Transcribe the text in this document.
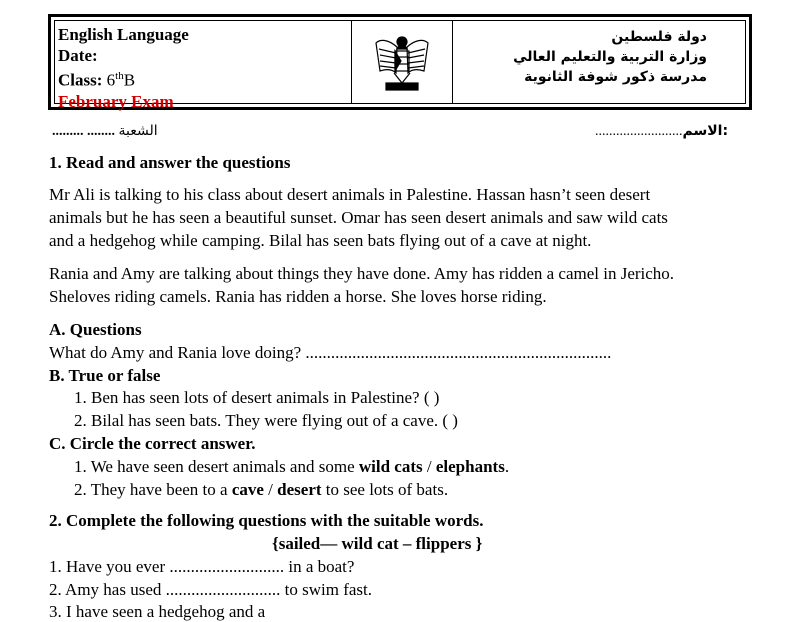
English Language
Date:
Class: 6thB
February Exam
دولة فلسطين
وزارة التربية والتعليم العالي
مدرسة ذكور شوفة الثانوية
......... ........ الشعبة	.........................الاسم:
1. Read and answer the questions
Mr Ali is talking to his class about desert animals in Palestine. Hassan hasn’t seen desert
animals but he has seen a beautiful sunset. Omar has seen desert animals and saw wild cats
and a hedgehog while camping. Bilal has seen bats flying out of a cave at night.
Rania and Amy are talking about things they have done. Amy has ridden a camel in Jericho.
Sheloves riding camels. Rania has ridden a horse. She loves horse riding.
A. Questions
What do Amy and Rania love doing? ........................................................................
B. True or false
1. Ben has seen lots of desert animals in Palestine? ( )
2. Bilal has seen bats. They were flying out of a cave. ( )
C. Circle the correct answer.
1. We have seen desert animals and some wild cats / elephants.
2. They have been to a cave / desert to see lots of bats.
2. Complete the following questions with the suitable words.
{sailed— wild cat – flippers }
1. Have you ever ........................... in a boat?
2. Amy has used ........................... to swim fast.
3. I have seen a hedgehog and a
